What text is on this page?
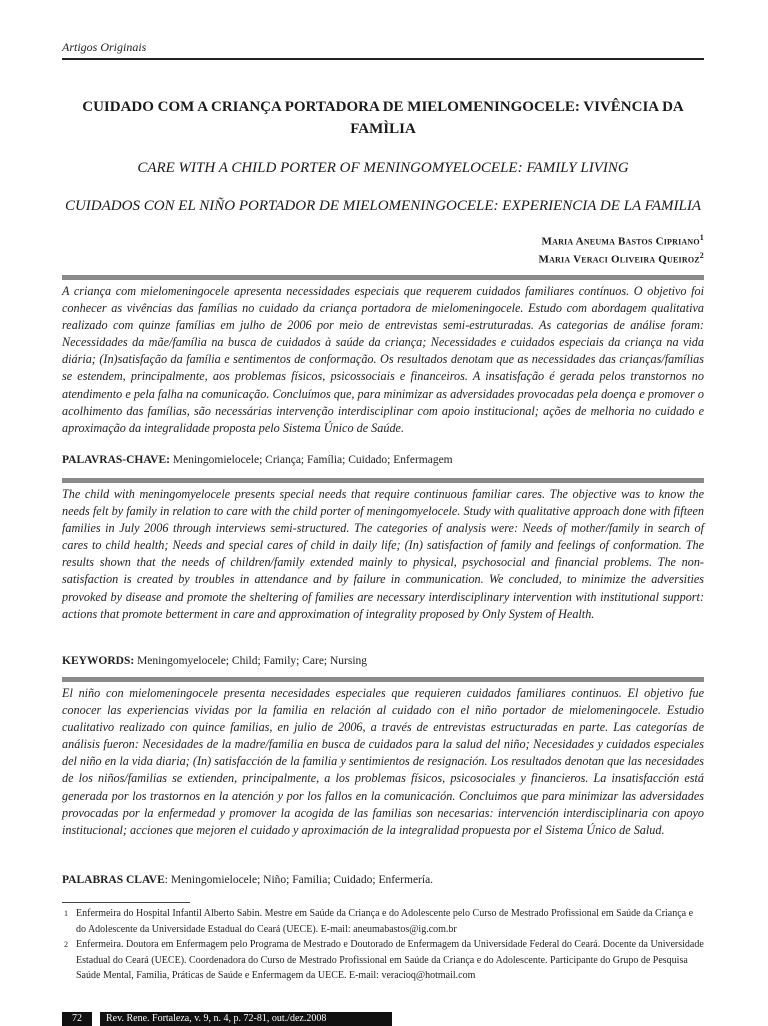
Artigos Originais
CUIDADO COM A CRIANÇA PORTADORA DE MIELOMENINGOCELE: VIVÊNCIA DA FAMÌLIA
CARE WITH A CHILD PORTER OF MENINGOMYELOCELE: FAMILY LIVING
CUIDADOS CON EL NIÑO PORTADOR DE MIELOMENINGOCELE: EXPERIENCIA DE LA FAMILIA
Maria Aneuma Bastos Cipriano$^1$
Maria Veraci Oliveira Queiroz$^2$

A criança com mielomeningocele apresenta necessidades especiais que requerem cuidados familiares contínuos. O objetivo foi conhecer as vivências das famílias no cuidado da criança portadora de mielomeningocele. Estudo com abordagem qualitativa realizado com quinze famílias em julho de 2006 por meio de entrevistas semi-estruturadas. As categorias de análise foram: Necessidades da mãe/família na busca de cuidados à saúde da criança; Necessidades e cuidados especiais da criança na vida diária; (In)satisfação da família e sentimentos de conformação. Os resultados denotam que as necessidades das crianças/famílias se estendem, principalmente, aos problemas físicos, psicossociais e financeiros. A insatisfação é gerada pelos transtornos no atendimento e pela falha na comunicação. Concluímos que, para minimizar as adversidades provocadas pela doença e promover o acolhimento das famílias, são necessárias intervenção interdisciplinar com apoio institucional; ações de melhoria no cuidado e aproximação da integralidade proposta pelo Sistema Único de Saúde.

PALAVRAS-CHAVE: Meningomielocele; Criança; Família; Cuidado; Enfermagem

The child with meningomyelocele presents special needs that require continuous familiar cares. The objective was to know the needs felt by family in relation to care with the child porter of meningomyelocele. Study with qualitative approach done with fifteen families in July 2006 through interviews semi-structured. The categories of analysis were: Needs of mother/family in search of cares to child health; Needs and special cares of child in daily life; (In) satisfaction of family and feelings of conformation. The results shown that the needs of children/family extended mainly to physical, psychosocial and financial problems. The non-satisfaction is created by troubles in attendance and by failure in communication. We concluded, to minimize the adversities provoked by disease and promote the sheltering of families are necessary interdisciplinary intervention with institutional support: actions that promote betterment in care and approximation of integrality proposed by Only System of Health.

KEYWORDS: Meningomyelocele; Child; Family; Care; Nursing

El niño con mielomeningocele presenta necesidades especiales que requieren cuidados familiares continuos. El objetivo fue conocer las experiencias vividas por la familia en relación al cuidado con el niño portador de mielomeningocele. Estudio cualitativo realizado con quince familias, en julio de 2006, a través de entrevistas estructuradas en parte. Las categorías de análisis fueron: Necesidades de la madre/familia en busca de cuidados para la salud del niño; Necesidades y cuidados especiales del niño en la vida diaria; (In) satisfacción de la familia y sentimientos de resignación. Los resultados denotan que las necesidades de los niños/familias se extienden, principalmente, a los problemas físicos, psicosociales y financieros. La insatisfacción está generada por los trastornos en la atención y por los fallos en la comunicación. Concluimos que para minimizar las adversidades provocadas por la enfermedad y promover la acogida de las familias son necesarias: intervención interdisciplinaria con apoyo institucional; acciones que mejoren el cuidado y aproximación de la integralidad propuesta por el Sistema Único de Salud.

PALABRAS CLAVE: Meningomielocele; Niño; Familia; Cuidado; Enfermería.
1 Enfermeira do Hospital Infantil Alberto Sabin. Mestre em Saúde da Criança e do Adolescente pelo Curso de Mestrado Profissional em Saúde da Criança e do Adolescente da Universidade Estadual do Ceará (UECE). E-mail: aneumabastos@ig.com.br
2 Enfermeira. Doutora em Enfermagem pelo Programa de Mestrado e Doutorado de Enfermagem da Universidade Federal do Ceará. Docente da Universidade Estadual do Ceará (UECE). Coordenadora do Curso de Mestrado Profissional em Saúde da Criança e do Adolescente. Participante do Grupo de Pesquisa Saúde Mental, Família, Práticas de Saúde e Enfermagem da UECE. E-mail: veracioq@hotmail.com
72	Rev. Rene. Fortaleza, v. 9, n. 4, p. 72-81, out./dez.2008
